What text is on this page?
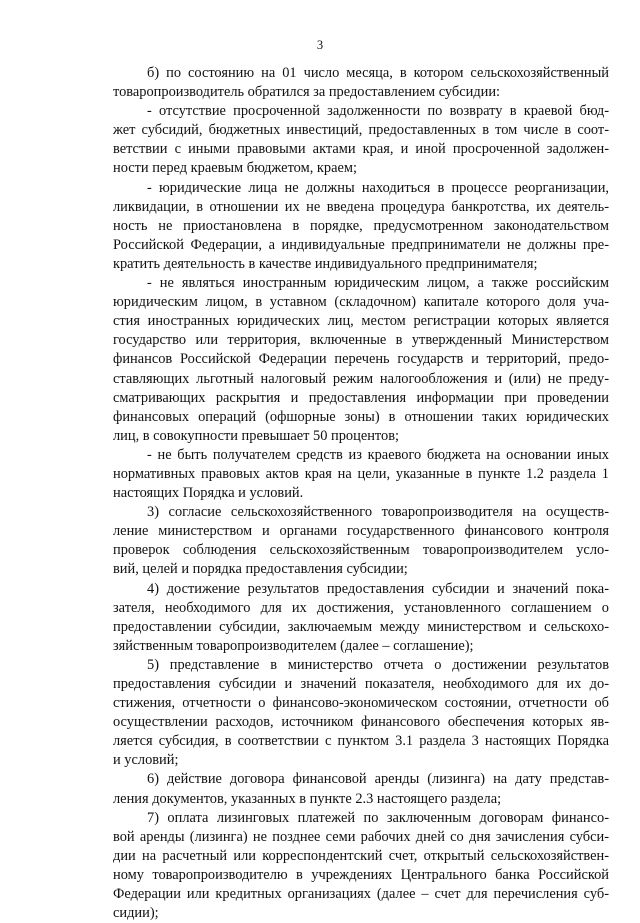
3
б) по состоянию на 01 число месяца, в котором сельскохозяйственный
товаропроизводитель обратился за предоставлением субсидии:
- отсутствие просроченной задолженности по возврату в краевой бюд-
жет субсидий, бюджетных инвестиций, предоставленных в том числе в соот-
ветствии с иными правовыми актами края, и иной просроченной задолжен-
ности перед краевым бюджетом, краем;
- юридические лица не должны находиться в процессе реорганизации,
ликвидации, в отношении их не введена процедура банкротства, их деятель-
ность не приостановлена в порядке, предусмотренном законодательством
Российской Федерации, а индивидуальные предприниматели не должны пре-
кратить деятельность в качестве индивидуального предпринимателя;
- не являться иностранным юридическим лицом, а также российским
юридическим лицом, в уставном (складочном) капитале которого доля уча-
стия иностранных юридических лиц, местом регистрации которых является
государство или территория, включенные в утвержденный Министерством
финансов Российской Федерации перечень государств и территорий, предо-
ставляющих льготный налоговый режим налогообложения и (или) не преду-
сматривающих раскрытия и предоставления информации при проведении
финансовых операций (офшорные зоны) в отношении таких юридических
лиц, в совокупности превышает 50 процентов;
- не быть получателем средств из краевого бюджета на основании иных
нормативных правовых актов края на цели, указанные в пункте 1.2 раздела 1
настоящих Порядка и условий.
3) согласие сельскохозяйственного товаропроизводителя на осуществ-
ление министерством и органами государственного финансового контроля
проверок соблюдения сельскохозяйственным товаропроизводителем усло-
вий, целей и порядка предоставления субсидии;
4) достижение результатов предоставления субсидии и значений пока-
зателя, необходимого для их достижения, установленного соглашением о
предоставлении субсидии, заключаемым между министерством и сельскохо-
зяйственным товаропроизводителем (далее – соглашение);
5) представление в министерство отчета о достижении результатов
предоставления субсидии и значений показателя, необходимого для их до-
стижения, отчетности о финансово-экономическом состоянии, отчетности об
осуществлении расходов, источником финансового обеспечения которых яв-
ляется субсидия, в соответствии с пунктом 3.1 раздела 3 настоящих Порядка
и условий;
6) действие договора финансовой аренды (лизинга) на дату представ-
ления документов, указанных в пункте 2.3 настоящего раздела;
7) оплата лизинговых платежей по заключенным договорам финансо-
вой аренды (лизинга) не позднее семи рабочих дней со дня зачисления субси-
дии на расчетный или корреспондентский счет, открытый сельскохозяйствен-
ному товаропроизводителю в учреждениях Центрального банка Российской
Федерации или кредитных организациях (далее – счет для перечисления суб-
сидии);
